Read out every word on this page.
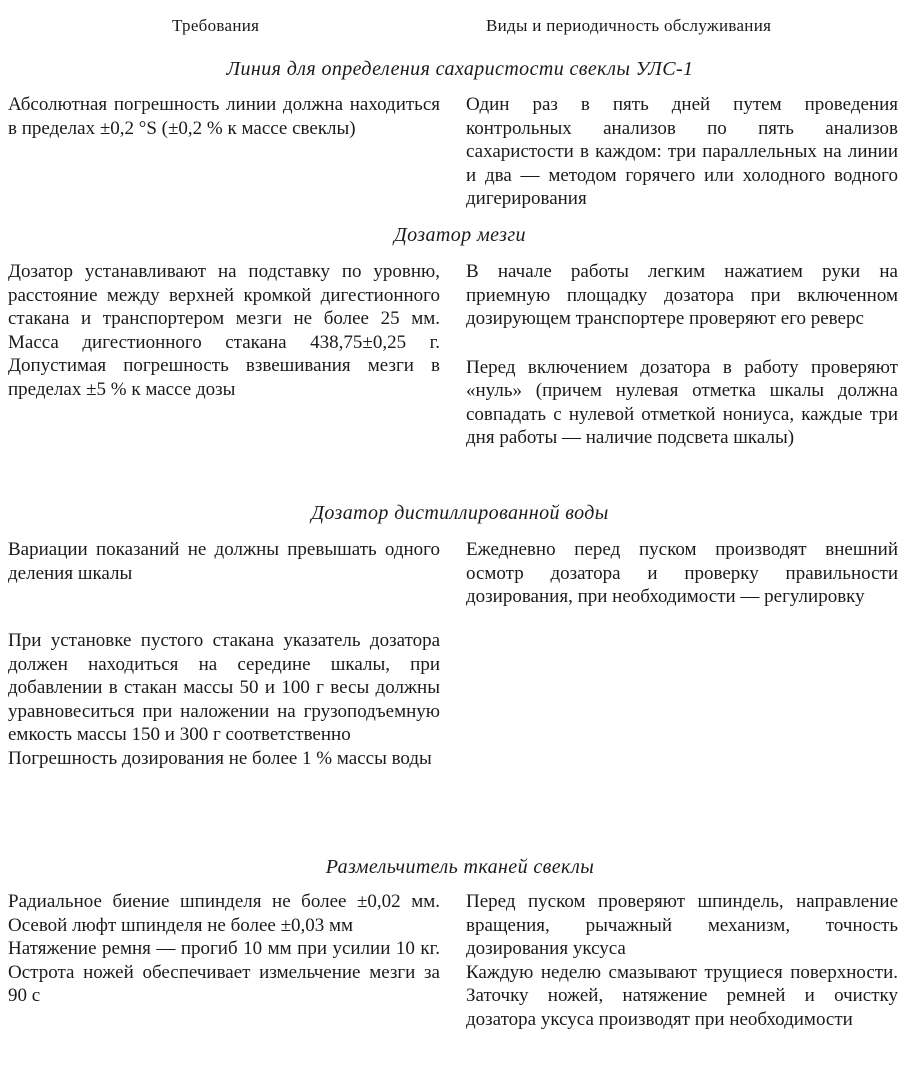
Требования	Виды и периодичность обслуживания
Линия для определения сахаристости свеклы УЛС-1

Абсолютная погрешность линии должна находиться в пределах ±0,2 °S (±0,2 % к массе свеклы)

Один раз в пять дней путем проведения контрольных анализов по пять анализов сахаристости в каждом: три параллельных на линии и два — методом горячего или холодного водного дигерирования

Дозатор мезги

Дозатор устанавливают на подставку по уровню, расстояние между верхней кромкой дигестионного стакана и транспортером мезги не более 25 мм. Масса дигестионного стакана 438,75±0,25 г. Допустимая погрешность взвешивания мезги в пределах ±5 % к массе дозы

В начале работы легким нажатием руки на приемную площадку дозатора при включенном дозирующем транспортере проверяют его реверс

Перед включением дозатора в работу проверяют «нуль» (причем нулевая отметка шкалы должна совпадать с нулевой отметкой нониуса, каждые три дня работы — наличие подсвета шкалы)

Дозатор дистиллированной воды

Вариации показаний не должны превышать одного деления шкалы

При установке пустого стакана указатель дозатора должен находиться на середине шкалы, при добавлении в стакан массы 50 и 100 г весы должны уравновеситься при наложении на грузоподъемную емкость массы 150 и 300 г соответственно

Погрешность дозирования не более 1 % массы воды

Ежедневно перед пуском производят внешний осмотр дозатора и проверку правильности дозирования, при необходимости — регулировку

Размельчитель тканей свеклы

Радиальное биение шпинделя не более ±0,02 мм. Осевой люфт шпинделя не более ±0,03 мм

Натяжение ремня — прогиб 10 мм при усилии 10 кг. Острота ножей обеспечивает измельчение мезги за 90 с

Перед пуском проверяют шпиндель, направление вращения, рычажный механизм, точность дозирования уксуса

Каждую неделю смазывают трущиеся поверхности. Заточку ножей, натяжение ремней и очистку дозатора уксуса производят при необходимости
